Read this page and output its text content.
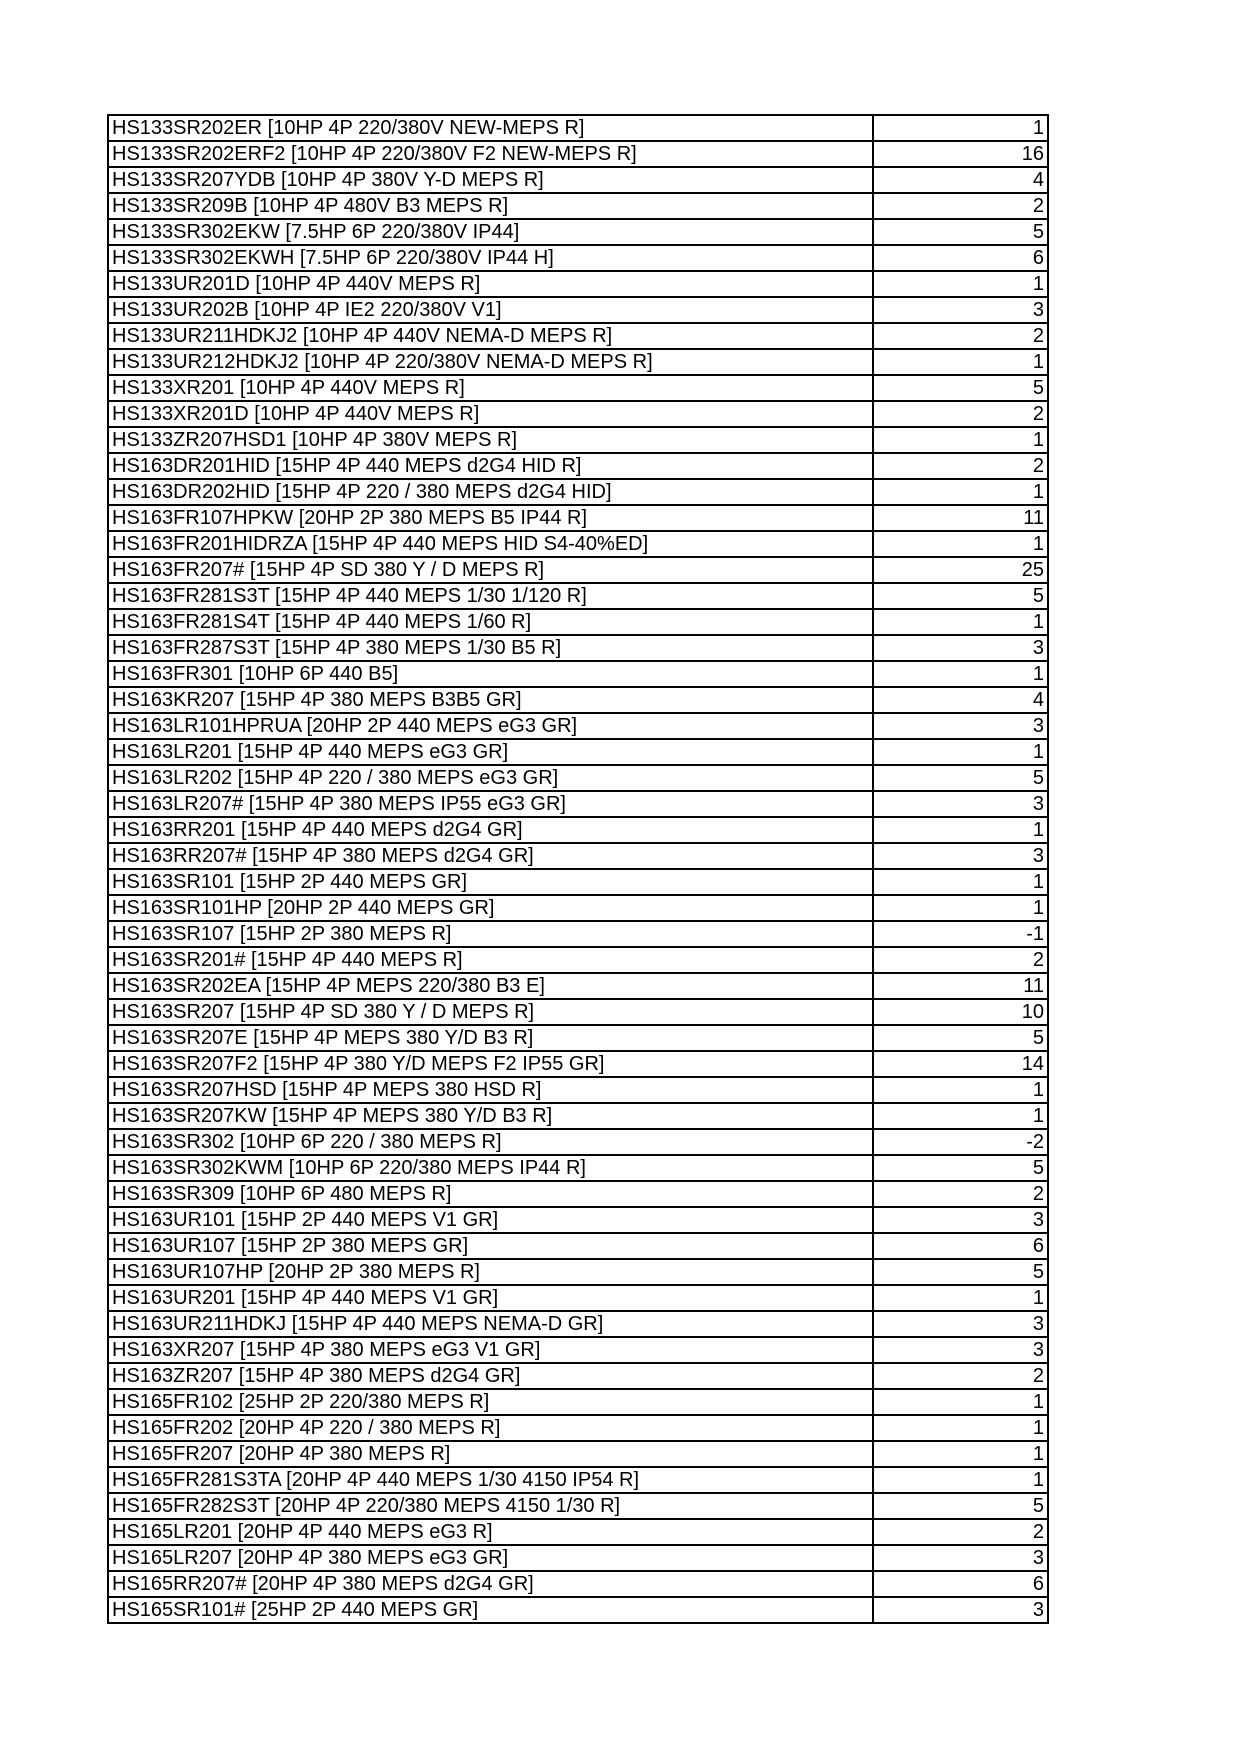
HS133SR202ER [10HP 4P 220/380V NEW-MEPS R]	1
HS133SR202ERF2 [10HP 4P 220/380V F2 NEW-MEPS R]	16
HS133SR207YDB [10HP 4P 380V Y-D MEPS R]	4
HS133SR209B [10HP 4P 480V B3 MEPS R]	2
HS133SR302EKW [7.5HP 6P 220/380V IP44]	5
HS133SR302EKWH [7.5HP 6P 220/380V IP44 H]	6
HS133UR201D [10HP 4P 440V MEPS R]	1
HS133UR202B [10HP 4P IE2 220/380V V1]	3
HS133UR211HDKJ2 [10HP 4P 440V NEMA-D MEPS R]	2
HS133UR212HDKJ2 [10HP 4P 220/380V NEMA-D MEPS R]	1
HS133XR201 [10HP 4P 440V MEPS R]	5
HS133XR201D [10HP 4P 440V MEPS R]	2
HS133ZR207HSD1 [10HP 4P 380V MEPS R]	1
HS163DR201HID [15HP 4P 440 MEPS d2G4 HID R]	2
HS163DR202HID [15HP 4P 220 / 380 MEPS d2G4 HID]	1
HS163FR107HPKW [20HP 2P 380 MEPS B5 IP44 R]	11
HS163FR201HIDRZA [15HP 4P 440 MEPS HID S4-40%ED]	1
HS163FR207# [15HP 4P SD 380 Y / D MEPS R]	25
HS163FR281S3T [15HP 4P 440 MEPS 1/30 1/120 R]	5
HS163FR281S4T [15HP 4P 440 MEPS 1/60 R]	1
HS163FR287S3T [15HP 4P 380 MEPS 1/30 B5 R]	3
HS163FR301 [10HP 6P 440 B5]	1
HS163KR207 [15HP 4P 380 MEPS B3B5 GR]	4
HS163LR101HPRUA [20HP 2P 440 MEPS eG3 GR]	3
HS163LR201 [15HP 4P 440 MEPS eG3 GR]	1
HS163LR202 [15HP 4P 220 / 380 MEPS eG3 GR]	5
HS163LR207# [15HP 4P 380 MEPS IP55 eG3 GR]	3
HS163RR201 [15HP 4P 440 MEPS d2G4 GR]	1
HS163RR207# [15HP 4P 380 MEPS d2G4 GR]	3
HS163SR101 [15HP 2P 440 MEPS GR]	1
HS163SR101HP [20HP 2P 440 MEPS GR]	1
HS163SR107 [15HP 2P 380 MEPS R]	-1
HS163SR201# [15HP 4P 440 MEPS R]	2
HS163SR202EA [15HP 4P MEPS 220/380 B3 E]	11
HS163SR207 [15HP 4P SD 380 Y / D MEPS R]	10
HS163SR207E [15HP 4P MEPS 380 Y/D B3 R]	5
HS163SR207F2 [15HP 4P 380 Y/D MEPS F2 IP55 GR]	14
HS163SR207HSD [15HP 4P MEPS 380 HSD R]	1
HS163SR207KW [15HP 4P MEPS 380 Y/D B3 R]	1
HS163SR302 [10HP 6P 220 / 380 MEPS R]	-2
HS163SR302KWM [10HP 6P 220/380 MEPS IP44 R]	5
HS163SR309 [10HP 6P 480 MEPS R]	2
HS163UR101 [15HP 2P 440 MEPS V1 GR]	3
HS163UR107 [15HP 2P 380 MEPS GR]	6
HS163UR107HP [20HP 2P 380 MEPS R]	5
HS163UR201 [15HP 4P 440 MEPS V1 GR]	1
HS163UR211HDKJ [15HP 4P 440 MEPS NEMA-D GR]	3
HS163XR207 [15HP 4P 380 MEPS eG3 V1 GR]	3
HS163ZR207 [15HP 4P 380 MEPS d2G4 GR]	2
HS165FR102 [25HP 2P 220/380 MEPS R]	1
HS165FR202 [20HP 4P 220 / 380 MEPS R]	1
HS165FR207 [20HP 4P 380 MEPS R]	1
HS165FR281S3TA [20HP 4P 440 MEPS 1/30 4150 IP54 R]	1
HS165FR282S3T [20HP 4P 220/380 MEPS 4150 1/30 R]	5
HS165LR201 [20HP 4P 440 MEPS eG3 R]	2
HS165LR207 [20HP 4P 380 MEPS eG3 GR]	3
HS165RR207# [20HP 4P 380 MEPS d2G4 GR]	6
HS165SR101# [25HP 2P 440 MEPS GR]	3
